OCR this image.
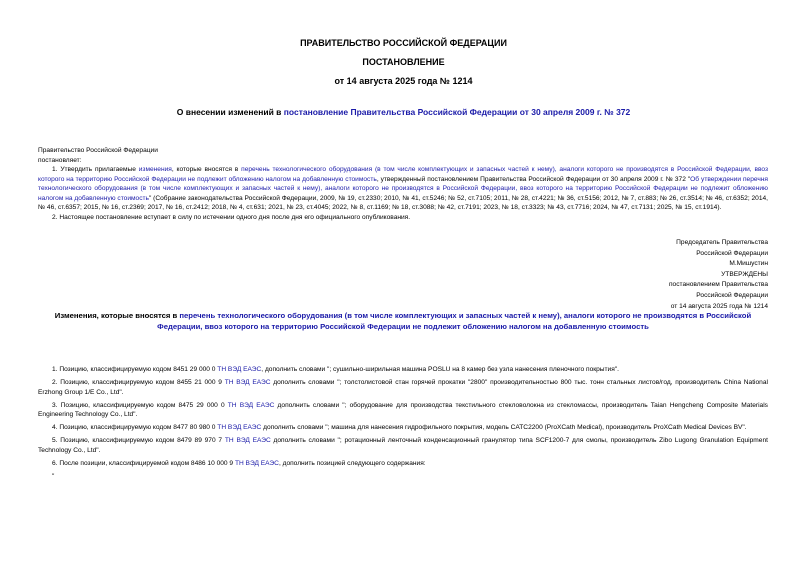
ПРАВИТЕЛЬСТВО РОССИЙСКОЙ ФЕДЕРАЦИИ
ПОСТАНОВЛЕНИЕ
от 14 августа 2025 года № 1214
О внесении изменений в постановление Правительства Российской Федерации от 30 апреля 2009 г. № 372

Правительство Российской Федерации

постановляет:

1. Утвердить прилагаемые изменения, которые вносятся в перечень технологического оборудования (в том числе комплектующих и запасных частей к нему), аналоги которого не производятся в Российской Федерации, ввоз которого на территорию Российской Федерации не подлежит обложению налогом на добавленную стоимость, утвержденный постановлением Правительства Российской Федерации от 30 апреля 2009 г. № 372 "Об утверждении перечня технологического оборудования (в том числе комплектующих и запасных частей к нему), аналоги которого не производятся в Российской Федерации, ввоз которого на территорию Российской Федерации не подлежит обложению налогом на добавленную стоимость" (Собрание законодательства Российской Федерации, 2009, № 19, ст.2330; 2010, № 41, ст.5246; № 52, ст.7105; 2011, № 28, ст.4221; № 36, ст.5156; 2012, № 7, ст.883; № 26, ст.3514; № 46, ст.6352; 2014, № 46, ст.6357; 2015, № 16, ст.2369; 2017, № 16, ст.2412; 2018, № 4, ст.631; 2021, № 23, ст.4045; 2022, № 8, ст.1169; № 18, ст.3088; № 42, ст.7191; 2023, № 18, ст.3323; № 43, ст.7716; 2024, № 47, ст.7131; 2025, № 15, ст.1914).

2. Настоящее постановление вступает в силу по истечении одного дня после дня его официального опубликования.

Председатель Правительства
Российской Федерации
М.Мишустин
УТВЕРЖДЕНЫ
постановлением Правительства
Российской Федерации
от 14 августа 2025 года № 1214
Изменения, которые вносятся в перечень технологического оборудования (в том числе комплектующих и запасных частей к нему), аналоги которого не производятся в Российской Федерации, ввоз которого на территорию Российской Федерации не подлежит обложению налогом на добавленную стоимость

1. Позицию, классифицируемую кодом 8451 29 000 0 ТН ВЭД ЕАЭС, дополнить словами "; сушильно-ширильная машина POSLU на 8 камер без узла нанесения пленочного покрытия".

2. Позицию, классифицируемую кодом 8455 21 000 9 ТН ВЭД ЕАЭС дополнить словами "; толстолистовой стан горячей прокатки "2800" производительностью 800 тыс. тонн стальных листов/год, производитель China National Erzhong Group 1/E Co., Ltd".

3. Позицию, классифицируемую кодом 8475 29 000 0 ТН ВЭД ЕАЭС дополнить словами "; оборудование для производства текстильного стекловолокна из стекломассы, производитель Taian Hengcheng Composite Materials Engineering Technology Co., Ltd".

4. Позицию, классифицируемую кодом 8477 80 980 0 ТН ВЭД ЕАЭС дополнить словами "; машина для нанесения гидрофильного покрытия, модель CATC2200 (ProXCath Medical), производитель ProXCath Medical Devices BV".

5. Позицию, классифицируемую кодом 8479 89 970 7 ТН ВЭД ЕАЭС дополнить словами "; ротационный ленточный конденсационный гранулятор типа SCF1200-7 для смолы, производитель Zibo Lugong Granulation Equipment Technology Co., Ltd".

6. После позиции, классифицируемой кодом 8486 10 000 9 ТН ВЭД ЕАЭС, дополнить позицией следующего содержания:

"
